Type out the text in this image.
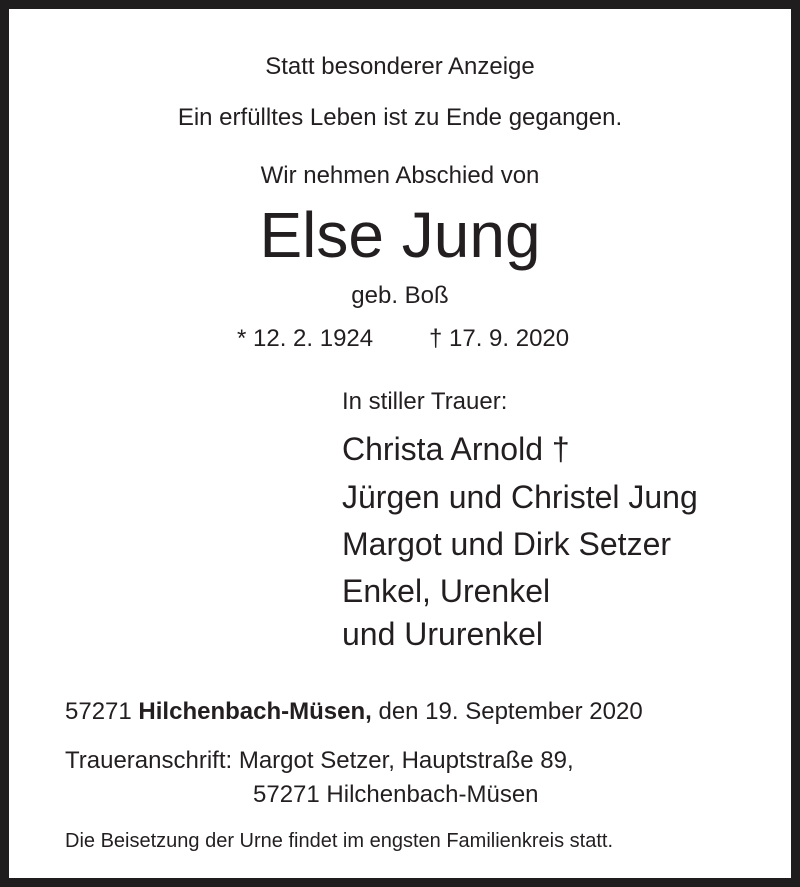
Statt besonderer Anzeige
Ein erfülltes Leben ist zu Ende gegangen.
Wir nehmen Abschied von
Else Jung
geb. Boß
* 12. 2. 1924 † 17. 9. 2020
In stiller Trauer:
Christa Arnold †
Jürgen und Christel Jung
Margot und Dirk Setzer
Enkel, Urenkel
und Ururenkel
57271 Hilchenbach-Müsen, den 19. September 2020
Traueranschrift: Margot Setzer, Hauptstraße 89,
57271 Hilchenbach-Müsen
Die Beisetzung der Urne findet im engsten Familienkreis statt.
